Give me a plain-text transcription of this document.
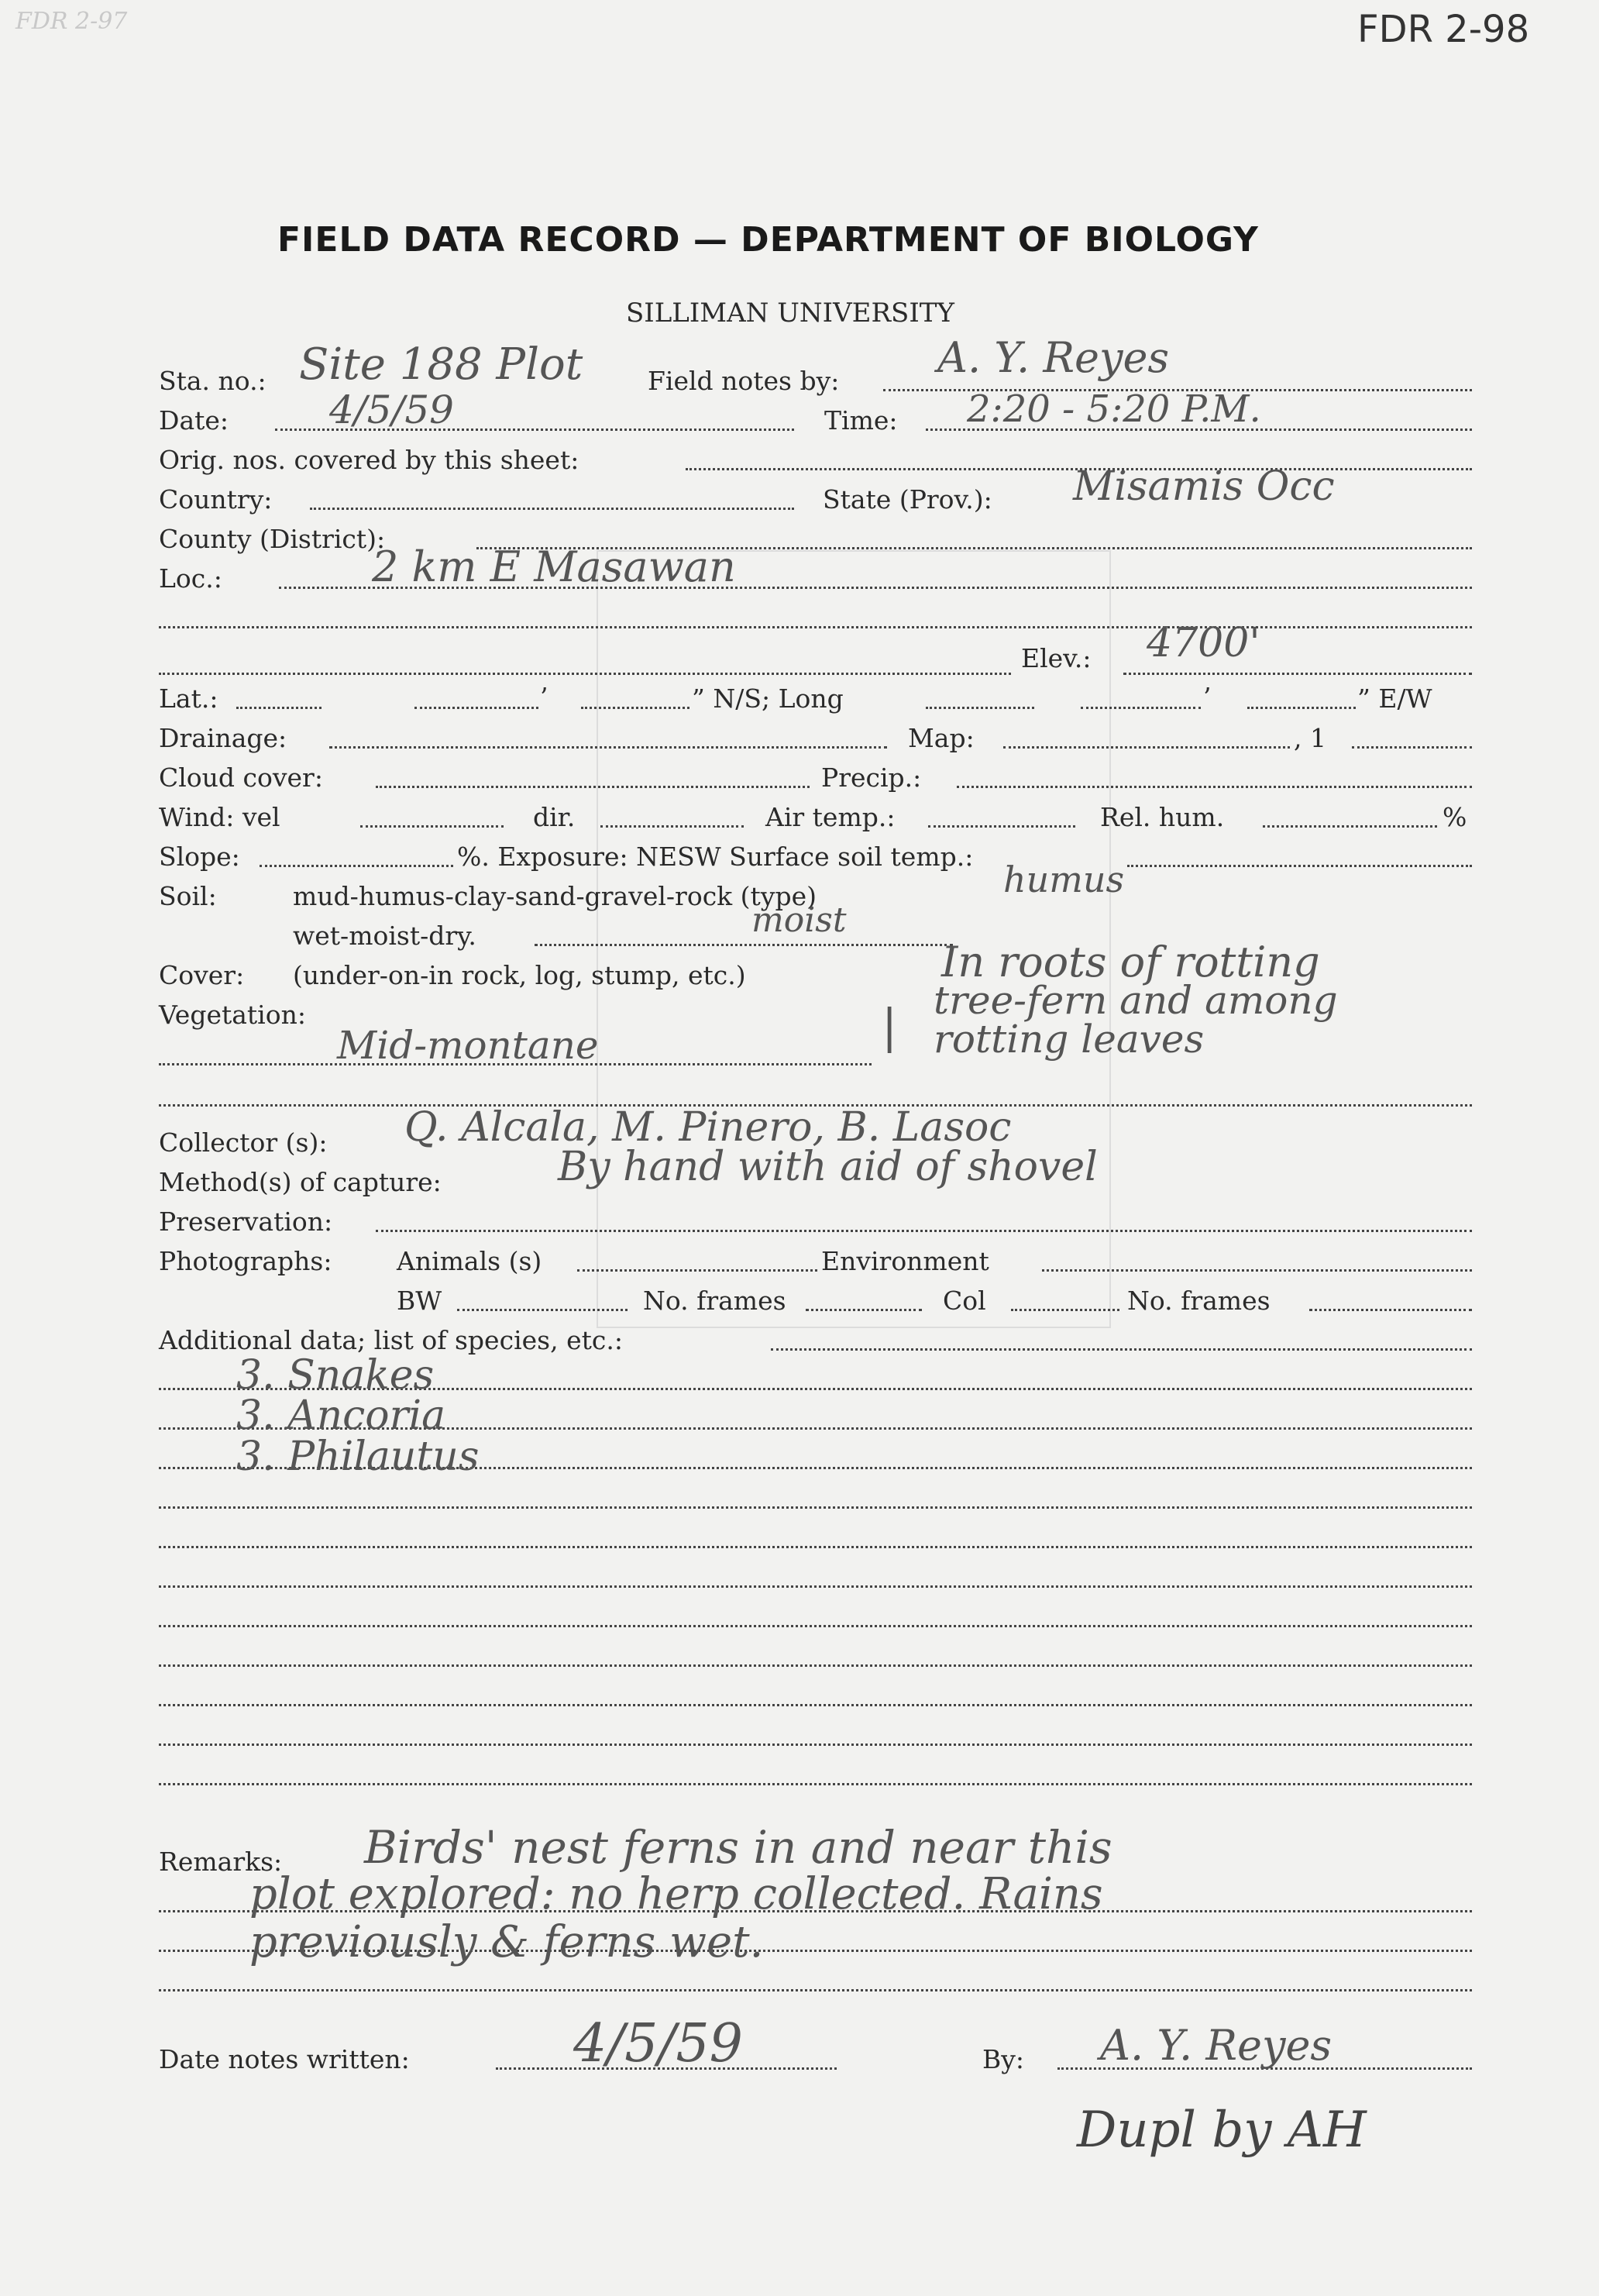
FDR 2-97	FDR 2-98
FIELD DATA RECORD — DEPARTMENT OF BIOLOGY
SILLIMAN UNIVERSITY
Sta. no.:	Field notes by:
Site 188 Plot	A. Y. Reyes
Date:	Time:
4/5/59	2:20 - 5:20 P.M.
Orig. nos. covered by this sheet:
Country:	State (Prov.): Misamis Occ
County (District):
Loc.:	2 km E Masawan
Elev.: 4700'
Lat.:	’	” N/S; Long	’	” E/W
Drainage:	Map:	, 1
Cloud cover:	Precip.:
Wind: vel	dir.	Air temp.:	Rel. hum.	%
Slope:	%. Exposure: NESW Surface soil temp.:
Soil:	mud-humus-clay-sand-gravel-rock (type)	humus
wet-moist-dry.	moist
Cover: (under-on-in rock, log, stump, etc.)	In roots of rotting
tree-fern and among
rotting leaves
|
Vegetation:
Mid-montane
Collector (s): Q. Alcala, M. Pinero, B. Lasoc
Method(s) of capture:	By hand with aid of shovel
Preservation:
Photographs:	Animals (s)	Environment
BW	No. frames	Col	No. frames
Additional data; list of species, etc.:
3. Snakes
3. Ancoria
3. Philautus
Remarks: Birds' nest ferns in and near this
plot explored: no herp collected. Rains
previously & ferns wet.
Date notes written:	4/5/59	By: A. Y. Reyes
Dupl by AH
